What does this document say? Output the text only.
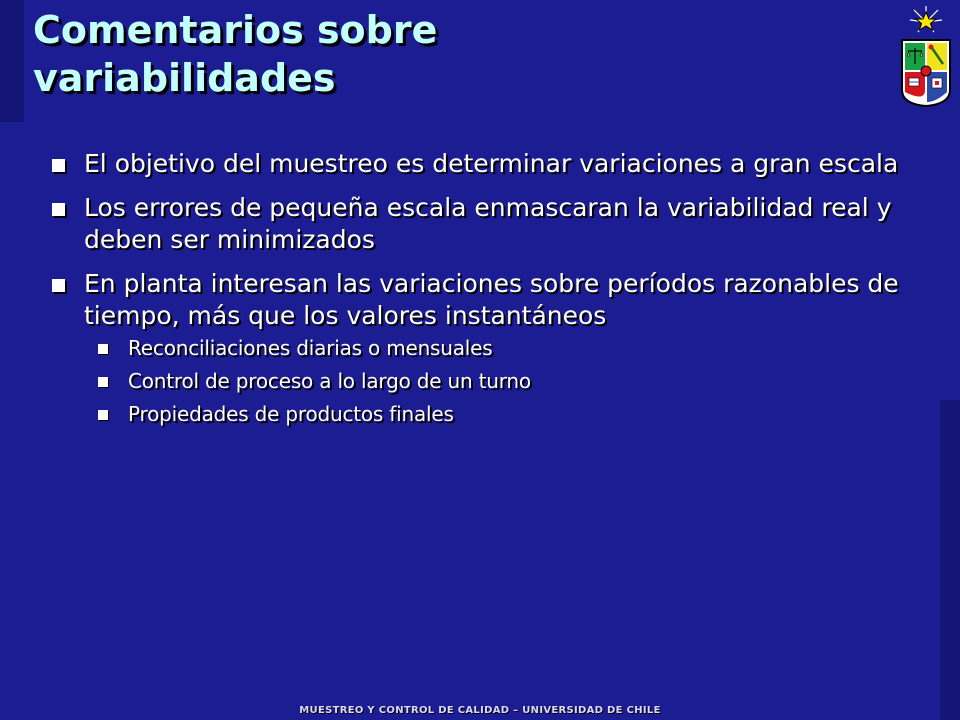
Comentarios sobre
variabilidades
El objetivo del muestreo es determinar variaciones a gran escala
Los errores de pequeña escala enmascaran la variabilidad real y deben ser minimizados
En planta interesan las variaciones sobre períodos razonables de tiempo, más que los valores instantáneos
Reconciliaciones diarias o mensuales
Control de proceso a lo largo de un turno
Propiedades de productos finales
MUESTREO Y CONTROL DE CALIDAD – UNIVERSIDAD DE CHILE
